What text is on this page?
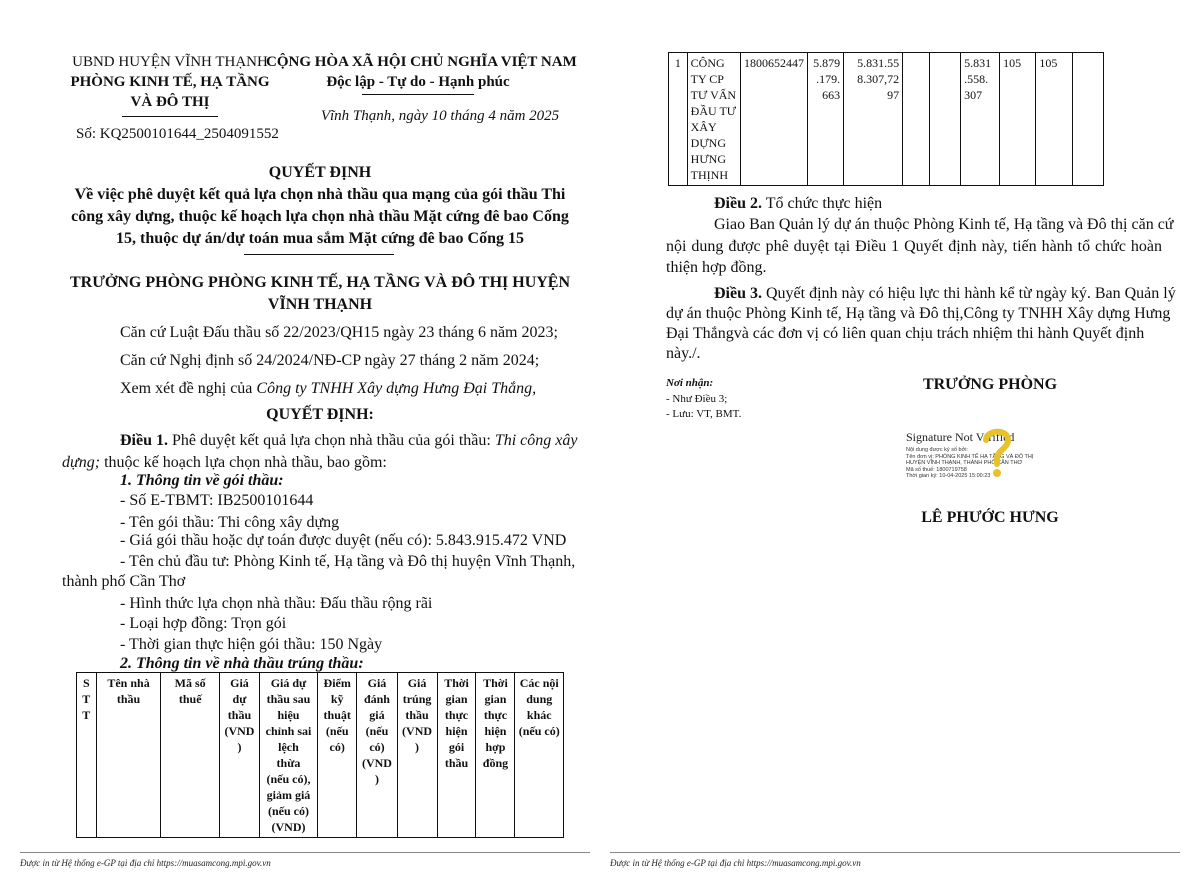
UBND HUYỆN VĨNH THẠNH
PHÒNG KINH TẾ, HẠ TẦNG
VÀ ĐÔ THỊ
Số: KQ2500101644_2504091552
CỘNG HÒA XÃ HỘI CHỦ NGHĨA VIỆT NAM
Độc lập - Tự do - Hạnh phúc
Vĩnh Thạnh, ngày 10 tháng 4 năm 2025
QUYẾT ĐỊNH
Về việc phê duyệt kết quả lựa chọn nhà thầu qua mạng của gói thầu Thi
công xây dựng, thuộc kế hoạch lựa chọn nhà thầu Mặt cứng đê bao Cống
15, thuộc dự án/dự toán mua sắm Mặt cứng đê bao Cống 15
TRƯỞNG PHÒNG PHÒNG KINH TẾ, HẠ TẦNG VÀ ĐÔ THỊ HUYỆN
VĨNH THẠNH
Căn cứ Luật Đấu thầu số 22/2023/QH15 ngày 23 tháng 6 năm 2023;
Căn cứ Nghị định số 24/2024/NĐ-CP ngày 27 tháng 2 năm 2024;
Xem xét đề nghị của Công ty TNHH Xây dựng Hưng Đại Thắng,
QUYẾT ĐỊNH:
Điều 1. Phê duyệt kết quả lựa chọn nhà thầu của gói thầu: Thi công xây
dựng; thuộc kế hoạch lựa chọn nhà thầu, bao gồm:
1. Thông tin về gói thầu:
- Số E-TBMT: IB2500101644
- Tên gói thầu: Thi công xây dựng
- Giá gói thầu hoặc dự toán được duyệt (nếu có): 5.843.915.472 VND
- Tên chủ đầu tư: Phòng Kinh tế, Hạ tầng và Đô thị huyện Vĩnh Thạnh,
thành phố Cần Thơ
- Hình thức lựa chọn nhà thầu: Đấu thầu rộng rãi
- Loại hợp đồng: Trọn gói
- Thời gian thực hiện gói thầu: 150 Ngày
2. Thông tin về nhà thầu trúng thầu:
S
T
T	Tên nhà
thầu	Mã số
thuế	Giá
dự
thầu
(VND
)	Giá dự
thầu sau
hiệu
chỉnh sai
lệch
thừa
(nếu có),
giảm giá
(nếu có)
(VND)	Điểm
kỹ
thuật
(nếu
có)	Giá
đánh
giá
(nếu
có)
(VND
)	Giá
trúng
thầu
(VND
)	Thời
gian
thực
hiện
gói
thầu	Thời
gian
thực
hiện
hợp
đồng	Các nội
dung
khác
(nếu có)
Được in từ Hệ thống e-GP tại địa chỉ https://muasamcong.mpi.gov.vn
1	CÔNG
TY CP
TƯ VẤN
ĐẦU TƯ
XÂY
DỰNG
HƯNG
THỊNH	1800652447	5.879
.179.
663	5.831.55
8.307,72
97			5.831
.558.
307	105	105	
Điều 2. Tổ chức thực hiện
Giao Ban Quản lý dự án thuộc Phòng Kinh tế, Hạ tầng và Đô thị căn cứ
nội dung được phê duyệt tại Điều 1 Quyết định này, tiến hành tổ chức hoàn
thiện hợp đồng.
Điều 3. Quyết định này có hiệu lực thi hành kể từ ngày ký. Ban Quản lý
dự án thuộc Phòng Kinh tế, Hạ tầng và Đô thị,Công ty TNHH Xây dựng Hưng
Đại Thắngvà các đơn vị có liên quan chịu trách nhiệm thi hành Quyết định
này./.
Nơi nhận:
- Như Điều 3;
- Lưu: VT, BMT.
TRƯỞNG PHÒNG
Signature Not Verified
Nội dung được ký số bởi:
Tên đơn vị: PHÒNG KINH TẾ HẠ TẦNG VÀ ĐÔ THỊ
HUYỆN VĨNH THẠNH, THÀNH PHỐ CẦN THƠ
Mã số thuế: 1800719758
Thời gian ký: 10-04-2025 15:00:23
LÊ PHƯỚC HƯNG
Được in từ Hệ thống e-GP tại địa chỉ https://muasamcong.mpi.gov.vn
